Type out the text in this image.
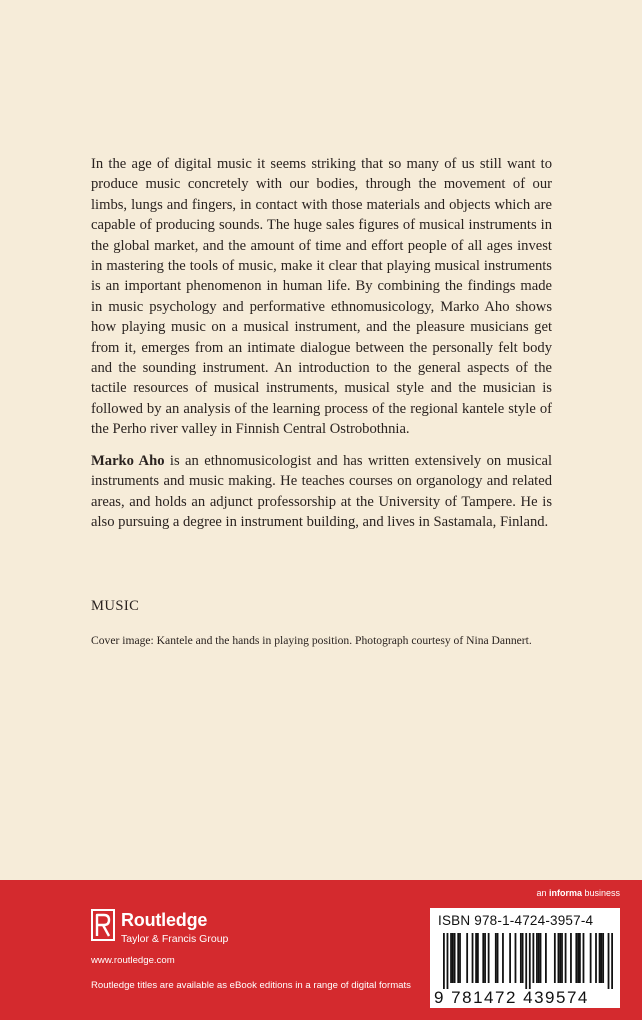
In the age of digital music it seems striking that so many of us still want to produce music concretely with our bodies, through the movement of our limbs, lungs and fingers, in contact with those materials and objects which are capable of producing sounds. The huge sales figures of musical instruments in the global market, and the amount of time and effort people of all ages invest in mastering the tools of music, make it clear that playing musical instruments is an important phenomenon in human life. By combining the findings made in music psychology and performative ethnomusicology, Marko Aho shows how playing music on a musical instrument, and the pleasure musicians get from it, emerges from an intimate dialogue between the personally felt body and the sounding instrument. An introduction to the general aspects of the tactile resources of musical instruments, musical style and the musician is followed by an analysis of the learning process of the regional kantele style of the Perho river valley in Finnish Central Ostrobothnia.

Marko Aho is an ethnomusicologist and has written extensively on musical instruments and music making. He teaches courses on organology and related areas, and holds an adjunct professorship at the University of Tampere. He is also pursuing a degree in instrument building, and lives in Sastamala, Finland.

MUSIC

Cover image: Kantele and the hands in playing position. Photograph courtesy of Nina Dannert.

an informa business
Routledge
Taylor & Francis Group
www.routledge.com
Routledge titles are available as eBook editions in a range of digital formats
ISBN 978-1-4724-3957-4
9 781472 439574
